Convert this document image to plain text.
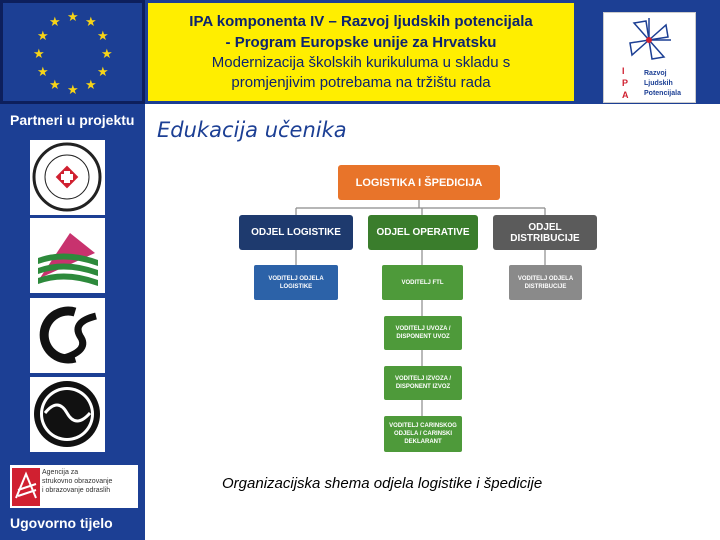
★ ★
★
★
★
★
★
★
★
★
★
★	IPA komponenta IV – Razvoj ljudskih potencijala
- Program Europske unije za Hrvatsku
Modernizacija školskih kurikuluma u skladu s
promjenjivim potrebama na tržištu rada
I
P
A
Razvoj
Ljudskih
Potencijala
Partneri u projektu
Agencija za
strukovno obrazovanje
i obrazovanje odraslih
Ugovorno tijelo
Edukacija učenika
LOGISTIKA I ŠPEDICIJA
ODJEL LOGISTIKE	ODJEL OPERATIVE	ODJEL DISTRIBUCIJE
VODITELJ ODJELA LOGISTIKE
VODITELJ FTL
VODITELJ ODJELA DISTRIBUCIJE
VODITELJ UVOZA / DISPONENT UVOZ
VODITELJ IZVOZA / DISPONENT IZVOZ
VODITELJ CARINSKOG ODJELA / CARINSKI DEKLARANT
Organizacijska shema odjela logistike i špedicije
